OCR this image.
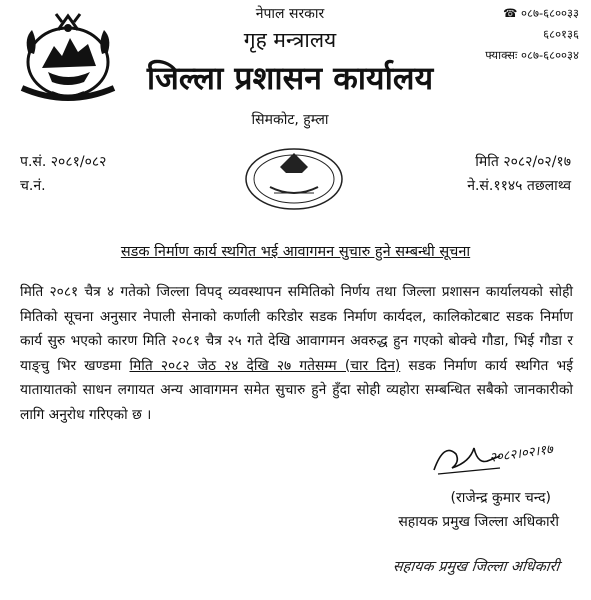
नेपाल सरकार
गृह मन्त्रालय
जिल्ला प्रशासन कार्यालय
सिमकोट, हुम्ला
☎ ०८७-६८००३३
६८०१३६
फ्याक्सः ०८७-६८००३४
प.सं. २०८१/०८२
च.नं.
मिति २०८२/०२/१७
ने.सं.११४५ तछलाथ्व
सडक निर्माण कार्य स्थगित भई आवागमन सुचारु हुने सम्बन्धी सूचना
मिति २०८१ चैत्र ४ गतेको जिल्ला विपद् व्यवस्थापन समितिको निर्णय तथा जिल्ला प्रशासन कार्यालयको सोही मितिको सूचना अनुसार नेपाली सेनाको कर्णाली करिडोर सडक निर्माण कार्यदल, कालिकोटबाट सडक निर्माण कार्य सुरु भएको कारण मिति २०८१ चैत्र २५ गते देखि आवागमन अवरुद्ध हुन गएको बोक्चे गौडा, भिई गौडा र याङ्चु भिर खण्डमा मिति २०८२ जेठ २४ देखि २७ गतेसम्म (चार दिन) सडक निर्माण कार्य स्थगित भई यातायातको साधन लगायत अन्य आवागमन समेत सुचारु हुने हुँदा सोही व्यहोरा सम्बन्धित सबैको जानकारीको लागि अनुरोध गरिएको छ ।
२०८२।०२।१७
(राजेन्द्र कुमार चन्द)
सहायक प्रमुख जिल्ला अधिकारी
सहायक प्रमुख जिल्ला अधिकारी
